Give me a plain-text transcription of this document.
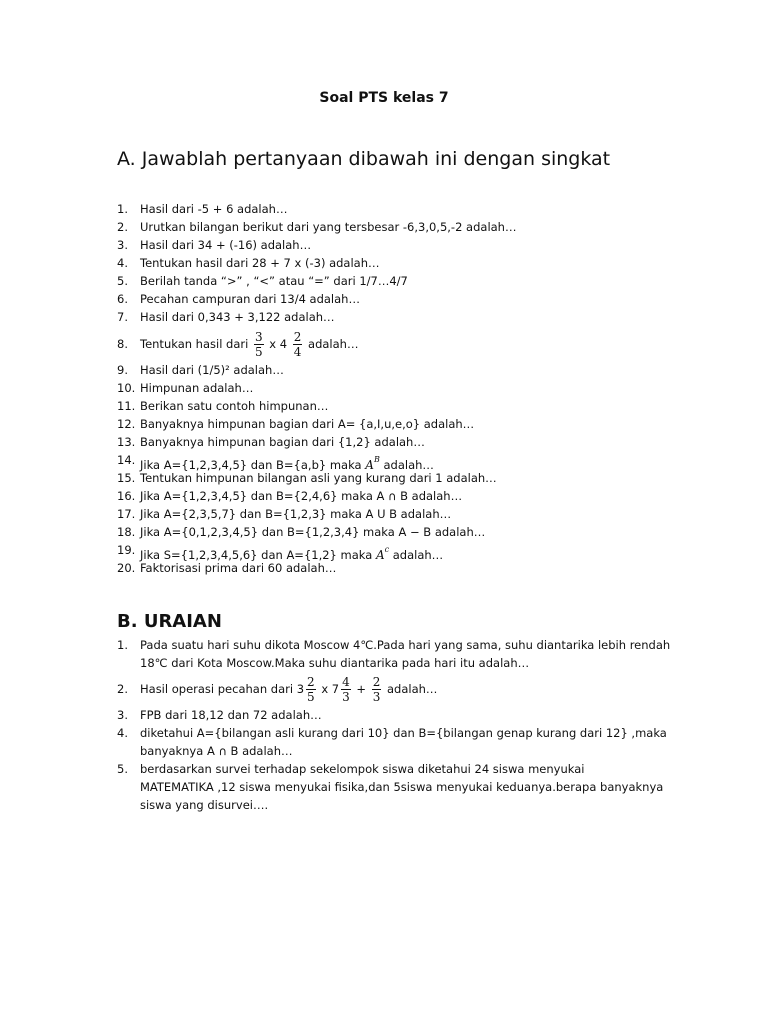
Soal PTS kelas 7
A. Jawablah pertanyaan dibawah ini dengan singkat
1. Hasil dari -5 + 6 adalah…
2. Urutkan bilangan berikut dari yang tersbesar -6,3,0,5,-2 adalah…
3. Hasil dari 34 + (-16) adalah…
4. Tentukan hasil dari 28 + 7 x (-3) adalah…
5. Berilah tanda “>” , “<” atau “=” dari 1/7…4/7
6. Pecahan campuran dari 13/4 adalah…
7. Hasil dari 0,343 + 3,122 adalah…
8. Tentukan hasil dari $\frac{3}{5}$ x $4 \frac{2}{4}$ adalah…
9. Hasil dari (1/5)² adalah…
10. Himpunan adalah…
11. Berikan satu contoh himpunan…
12. Banyaknya himpunan bagian dari A= {a,I,u,e,o} adalah…
13. Banyaknya himpunan bagian dari {1,2} adalah…
14. Jika A={1,2,3,4,5} dan B={a,b} maka $A^B$ adalah…
15. Tentukan himpunan bilangan asli yang kurang dari 1 adalah…
16. Jika A={1,2,3,4,5} dan B={2,4,6} maka A ∩ B adalah…
17. Jika A={2,3,5,7} dan B={1,2,3} maka A U B adalah…
18. Jika A={0,1,2,3,4,5} dan B={1,2,3,4} maka A − B adalah…
19. Jika S={1,2,3,4,5,6} dan A={1,2} maka $A^c$ adalah…
20. Faktorisasi prima dari 60 adalah…
B. URAIAN
1. Pada suatu hari suhu dikota Moscow 4℃.Pada hari yang sama, suhu diantarika lebih rendah
18℃ dari Kota Moscow.Maka suhu diantarika pada hari itu adalah…
2. Hasil operasi pecahan dari $3 \frac{2}{5}$ x $7 \frac{4}{3} + \frac{2}{3}$ adalah…
3. FPB dari 18,12 dan 72 adalah…
4. diketahui A={bilangan asli kurang dari 10} dan B={bilangan genap kurang dari 12} ,maka
banyaknya A ∩ B adalah…
5. berdasarkan survei terhadap sekelompok siswa diketahui 24 siswa menyukai
MATEMATIKA ,12 siswa menyukai fisika,dan 5siswa menyukai keduanya.berapa banyaknya
siswa yang disurvei….
